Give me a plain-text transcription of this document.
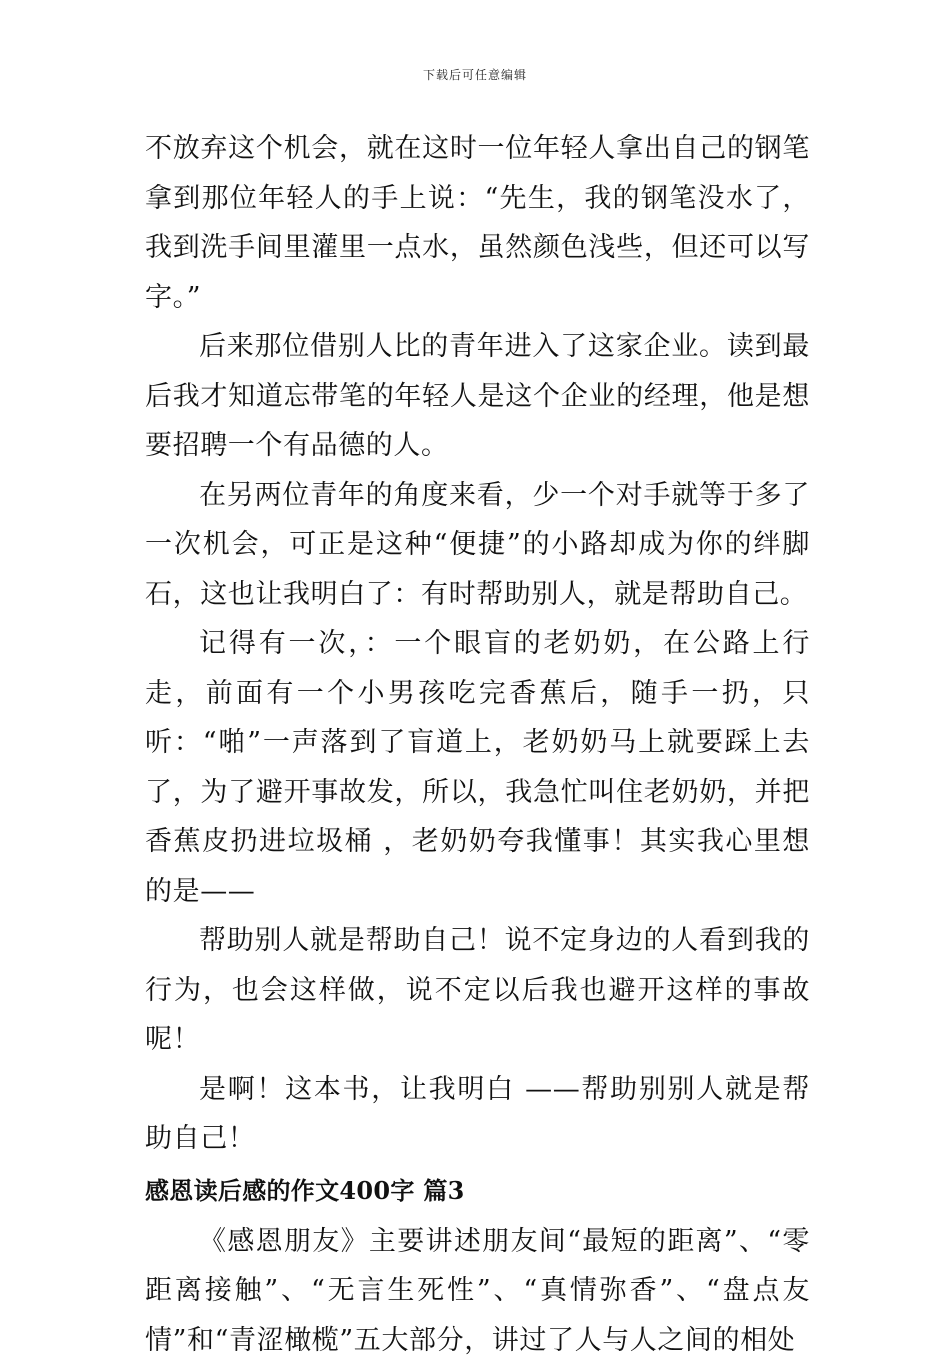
下载后可任意编辑

不放弃这个机会，就在这时一位年轻人拿出自己的钢笔拿到那位年轻人的手上说：“先生，我的钢笔没水了，我到洗手间里灌里一点水，虽然颜色浅些，但还可以写字。”

后来那位借别人比的青年进入了这家企业。读到最后我才知道忘带笔的年轻人是这个企业的经理，他是想要招聘一个有品德的人。

在另两位青年的角度来看，少一个对手就等于多了一次机会，可正是这种“便捷”的小路却成为你的绊脚石，这也让我明白了：有时帮助别人，就是帮助自己。

记得有一次，：一个眼盲的老奶奶，在公路上行走，前面有一个小男孩吃完香蕉后，随手一扔，只听：“啪”一声落到了盲道上，老奶奶马上就要踩上去了，为了避开事故发，所以，我急忙叫住老奶奶，并把香蕉皮扔进垃圾桶 ，老奶奶夸我懂事！其实我心里想的是——

帮助别人就是帮助自己！说不定身边的人看到我的行为，也会这样做，说不定以后我也避开这样的事故呢！

是啊！这本书，让我明白 ——帮助别别人就是帮助自己！

感恩读后感的作文400字 篇3

《感恩朋友》主要讲述朋友间“最短的距离”、“零距离接触”、“无言生死性”、“真情弥香”、“盘点友情”和“青涩橄榄”五大部分，讲过了人与人之间的相处
